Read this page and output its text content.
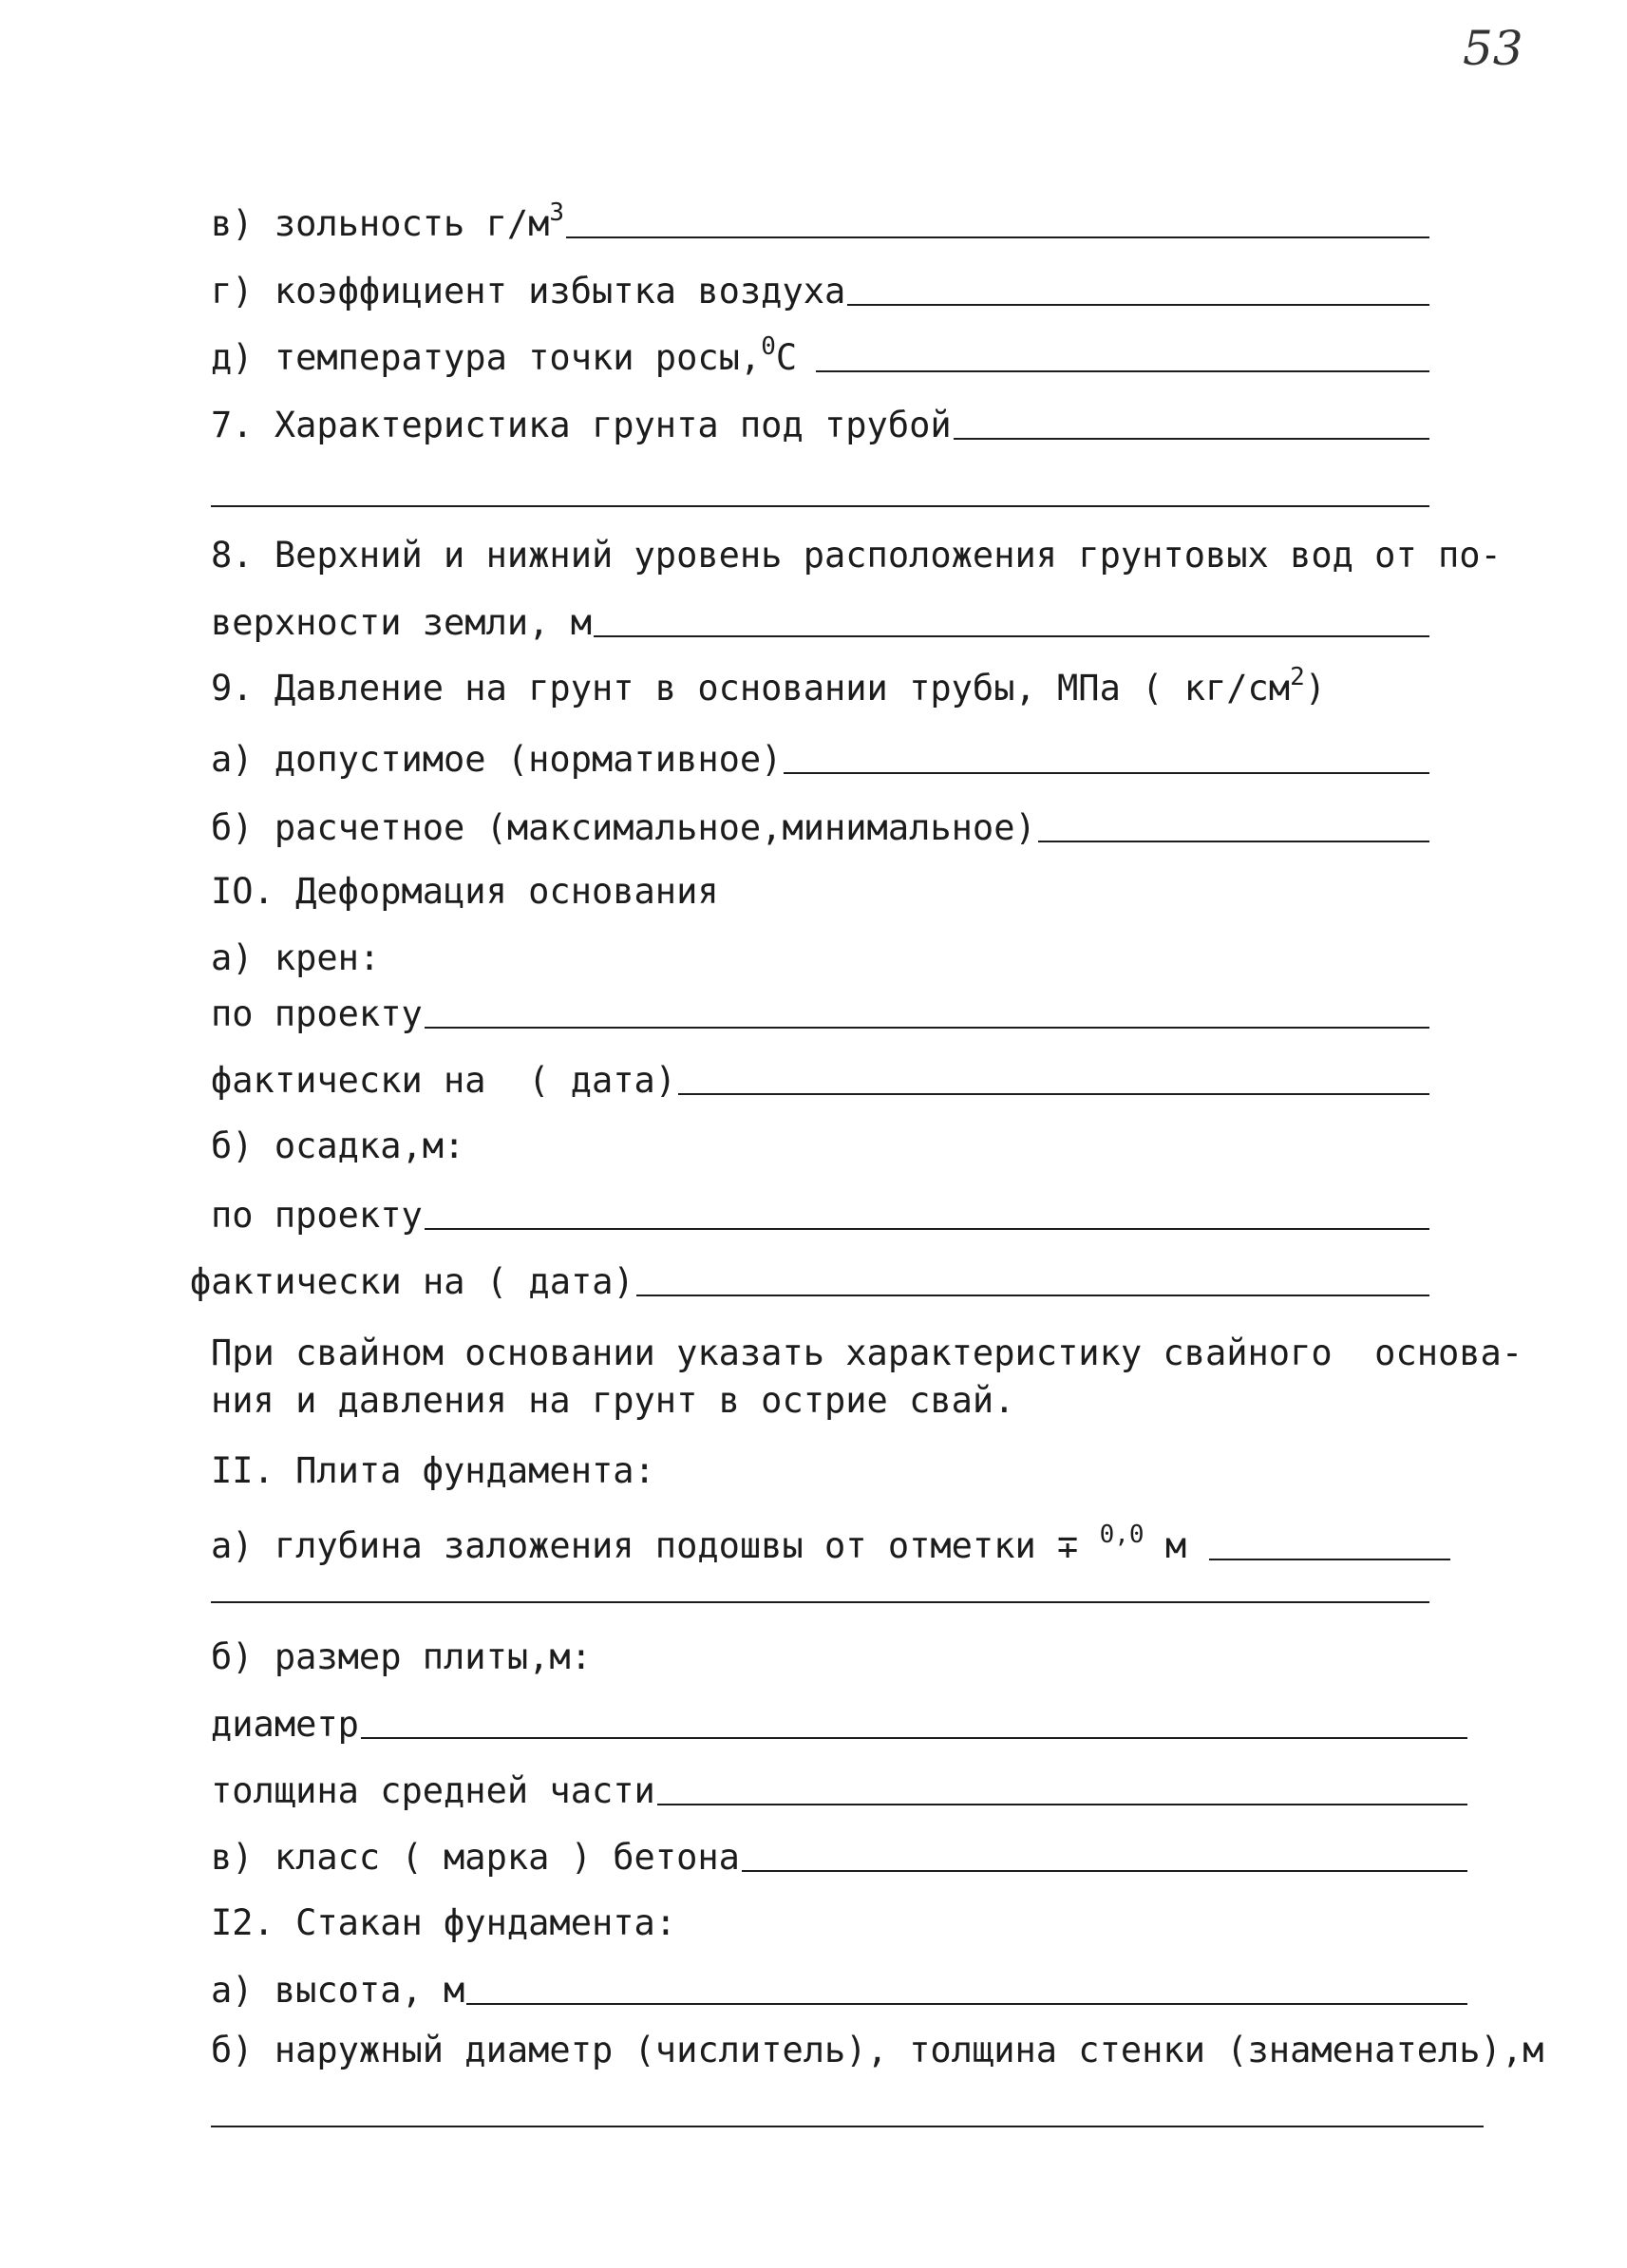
53
в) зольность $г/м^3$
г) коэффициент избытка воздуха
д) температура точки росы,$^0$C
7. Характеристика грунта под трубой
8. Верхний и нижний уровень расположения грунтовых вод от по-
верхности земли, м
9. Давление на грунт в основании трубы, МПа ( $кг/см^2$)
а) допустимое (нормативное)
б) расчетное (максимальное,минимальное)
IO. Деформация основания
а) крен:
по проекту
фактически на  ( дата)
б) осадка,м:
по проекту
фактически на ( дата)
При свайном основании указать характеристику свайного  основа-
ния и давления на грунт в острие свай.
II. Плита фундамента:
а) глубина заложения подошвы от отметки ∓ $^{0,0}$ м
б) размер плиты,м:
диаметр
толщина средней части
в) класс ( марка ) бетона
I2. Стакан фундамента:
а) высота, м
б) наружный диаметр (числитель), толщина стенки (знаменатель),м
